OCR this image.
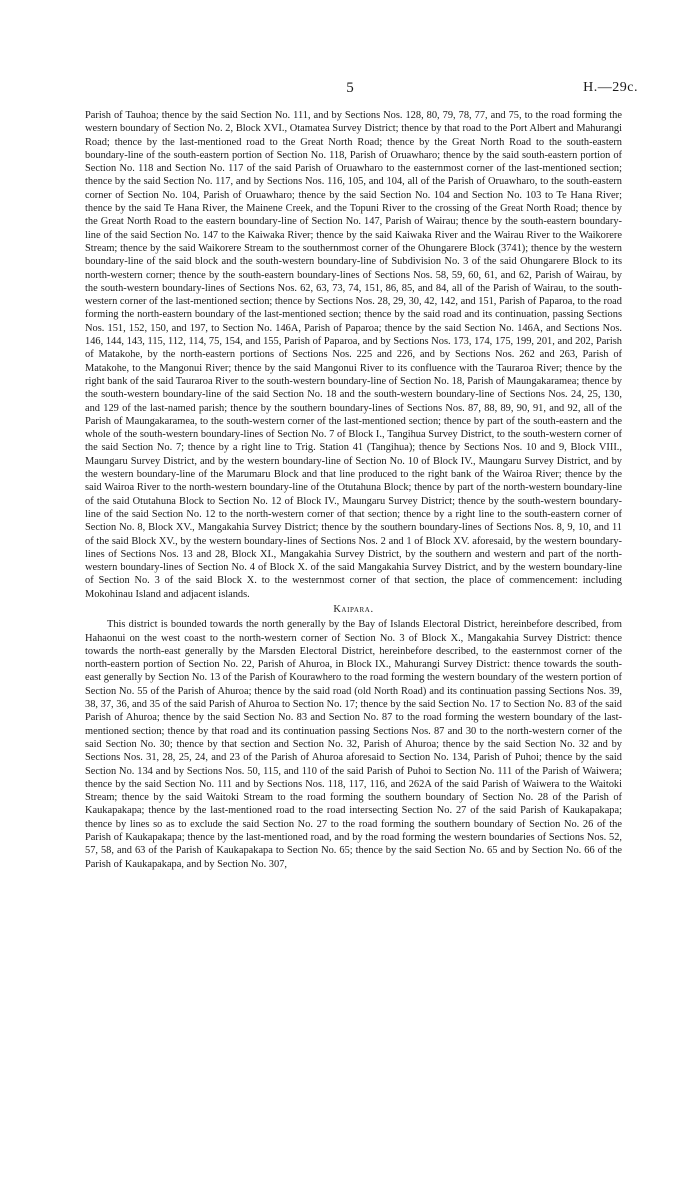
5	H.—29c.

Parish of Tauhoa; thence by the said Section No. 111, and by Sections Nos. 128, 80, 79, 78, 77, and 75, to the road forming the western boundary of Section No. 2, Block XVI., Otamatea Survey District; thence by that road to the Port Albert and Mahurangi Road; thence by the last-mentioned road to the Great North Road; thence by the Great North Road to the south-eastern boundary-line of the south-eastern portion of Section No. 118, Parish of Oruawharo; thence by the said south-eastern portion of Section No. 118 and Section No. 117 of the said Parish of Oruawharo to the easternmost corner of the last-mentioned section; thence by the said Section No. 117, and by Sections Nos. 116, 105, and 104, all of the Parish of Oruawharo, to the south-eastern corner of Section No. 104, Parish of Oruawharo; thence by the said Section No. 104 and Section No. 103 to Te Hana River; thence by the said Te Hana River, the Mainene Creek, and the Topuni River to the crossing of the Great North Road; thence by the Great North Road to the eastern boundary-line of Section No. 147, Parish of Wairau; thence by the south-eastern boundary-line of the said Section No. 147 to the Kaiwaka River; thence by the said Kaiwaka River and the Wairau River to the Waikorere Stream; thence by the said Waikorere Stream to the southernmost corner of the Ohungarere Block (3741); thence by the western boundary-line of the said block and the south-western boundary-line of Subdivision No. 3 of the said Ohungarere Block to its north-western corner; thence by the south-eastern boundary-lines of Sections Nos. 58, 59, 60, 61, and 62, Parish of Wairau, by the south-western boundary-lines of Sections Nos. 62, 63, 73, 74, 151, 86, 85, and 84, all of the Parish of Wairau, to the south-western corner of the last-mentioned section; thence by Sections Nos. 28, 29, 30, 42, 142, and 151, Parish of Paparoa, to the road forming the north-eastern boundary of the last-mentioned section; thence by the said road and its continuation, passing Sections Nos. 151, 152, 150, and 197, to Section No. 146A, Parish of Paparoa; thence by the said Section No. 146A, and Sections Nos. 146, 144, 143, 115, 112, 114, 75, 154, and 155, Parish of Paparoa, and by Sections Nos. 173, 174, 175, 199, 201, and 202, Parish of Matakohe, by the north-eastern portions of Sections Nos. 225 and 226, and by Sections Nos. 262 and 263, Parish of Matakohe, to the Mangonui River; thence by the said Mangonui River to its confluence with the Tauraroa River; thence by the right bank of the said Tauraroa River to the south-western boundary-line of Section No. 18, Parish of Maungakaramea; thence by the south-western boundary-line of the said Section No. 18 and the south-western boundary-line of Sections Nos. 24, 25, 130, and 129 of the last-named parish; thence by the southern boundary-lines of Sections Nos. 87, 88, 89, 90, 91, and 92, all of the Parish of Maungakaramea, to the south-western corner of the last-mentioned section; thence by part of the south-eastern and the whole of the south-western boundary-lines of Section No. 7 of Block I., Tangihua Survey District, to the south-western corner of the said Section No. 7; thence by a right line to Trig. Station 41 (Tangihua); thence by Sections Nos. 10 and 9, Block VIII., Maungaru Survey District, and by the western boundary-line of Section No. 10 of Block IV., Maungaru Survey District, and by the western boundary-line of the Marumaru Block and that line produced to the right bank of the Wairoa River; thence by the said Wairoa River to the north-western boundary-line of the Otutahuna Block; thence by part of the north-western boundary-line of the said Otutahuna Block to Section No. 12 of Block IV., Maungaru Survey District; thence by the south-western boundary-line of the said Section No. 12 to the north-western corner of that section; thence by a right line to the south-eastern corner of Section No. 8, Block XV., Mangakahia Survey District; thence by the southern boundary-lines of Sections Nos. 8, 9, 10, and 11 of the said Block XV., by the western boundary-lines of Sections Nos. 2 and 1 of Block XV. aforesaid, by the western boundary-lines of Sections Nos. 13 and 28, Block XI., Mangakahia Survey District, by the southern and western and part of the north-western boundary-lines of Section No. 4 of Block X. of the said Mangakahia Survey District, and by the western boundary-line of Section No. 3 of the said Block X. to the westernmost corner of that section, the place of commencement: including Mokohinau Island and adjacent islands.

Kaipara.

This district is bounded towards the north generally by the Bay of Islands Electoral District, hereinbefore described, from Hahaonui on the west coast to the north-western corner of Section No. 3 of Block X., Mangakahia Survey District: thence towards the north-east generally by the Marsden Electoral District, hereinbefore described, to the easternmost corner of the north-eastern portion of Section No. 22, Parish of Ahuroa, in Block IX., Mahurangi Survey District: thence towards the south-east generally by Section No. 13 of the Parish of Kourawhero to the road forming the western boundary of the western portion of Section No. 55 of the Parish of Ahuroa; thence by the said road (old North Road) and its continuation passing Sections Nos. 39, 38, 37, 36, and 35 of the said Parish of Ahuroa to Section No. 17; thence by the said Section No. 17 to Section No. 83 of the said Parish of Ahuroa; thence by the said Section No. 83 and Section No. 87 to the road forming the western boundary of the last-mentioned section; thence by that road and its continuation passing Sections Nos. 87 and 30 to the north-western corner of the said Section No. 30; thence by that section and Section No. 32, Parish of Ahuroa; thence by the said Section No. 32 and by Sections Nos. 31, 28, 25, 24, and 23 of the Parish of Ahuroa aforesaid to Section No. 134, Parish of Puhoi; thence by the said Section No. 134 and by Sections Nos. 50, 115, and 110 of the said Parish of Puhoi to Section No. 111 of the Parish of Waiwera; thence by the said Section No. 111 and by Sections Nos. 118, 117, 116, and 262A of the said Parish of Waiwera to the Waitoki Stream; thence by the said Waitoki Stream to the road forming the southern boundary of Section No. 28 of the Parish of Kaukapakapa; thence by the last-mentioned road to the road intersecting Section No. 27 of the said Parish of Kaukapakapa; thence by lines so as to exclude the said Section No. 27 to the road forming the southern boundary of Section No. 26 of the Parish of Kaukapakapa; thence by the last-mentioned road, and by the road forming the western boundaries of Sections Nos. 52, 57, 58, and 63 of the Parish of Kaukapakapa to Section No. 65; thence by the said Section No. 65 and by Section No. 66 of the Parish of Kaukapakapa, and by Section No. 307,
